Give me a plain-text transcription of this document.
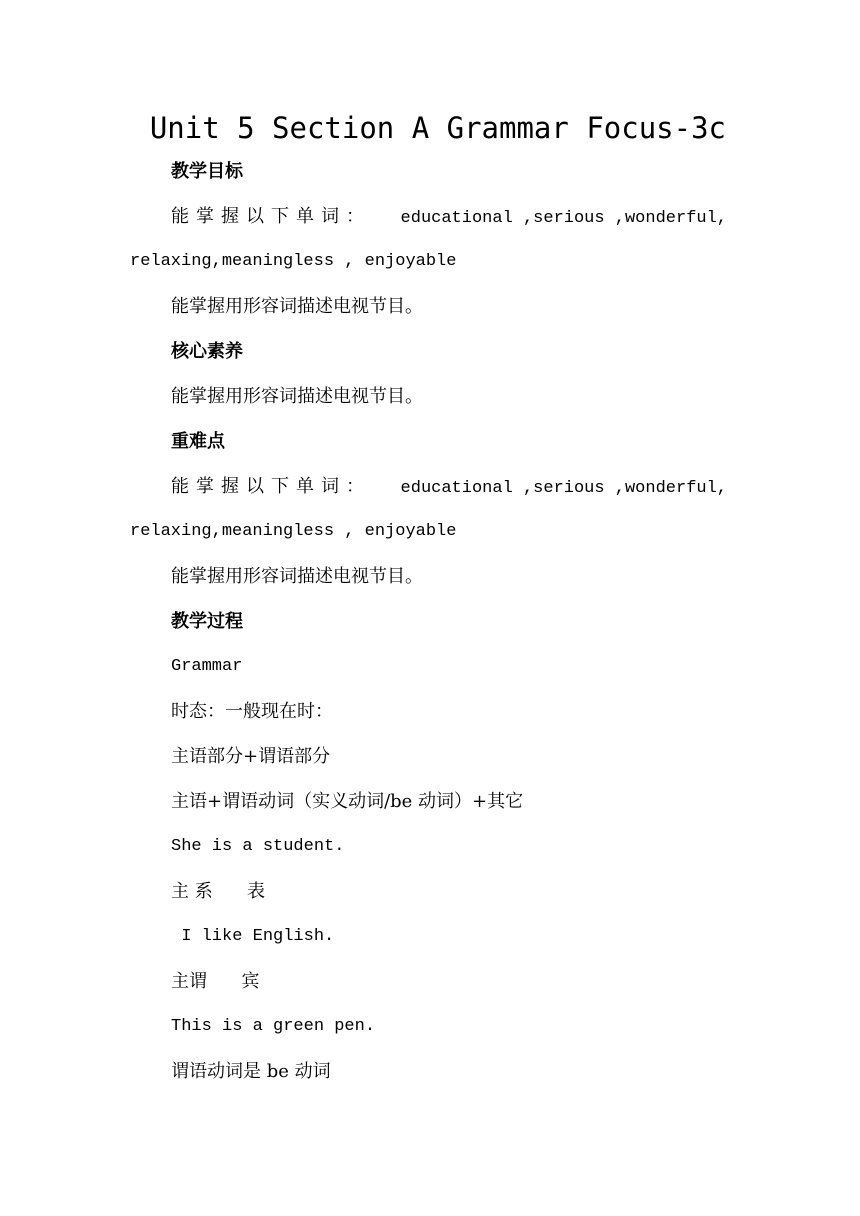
Unit 5 Section A Grammar Focus-3c
教学目标
能掌握以下单词： educational ,serious ,wonderful,
relaxing,meaningless , enjoyable
能掌握用形容词描述电视节目。
核心素养
能掌握用形容词描述电视节目。
重难点
能掌握以下单词： educational ,serious ,wonderful,
relaxing,meaningless , enjoyable
能掌握用形容词描述电视节目。
教学过程
Grammar
时态：一般现在时：
主语部分+谓语部分
主语+谓语动词（实义动词/be 动词）+其它
She is a student.
主 系      表
I like English.
主谓      宾
This is a green pen.
谓语动词是 be 动词
